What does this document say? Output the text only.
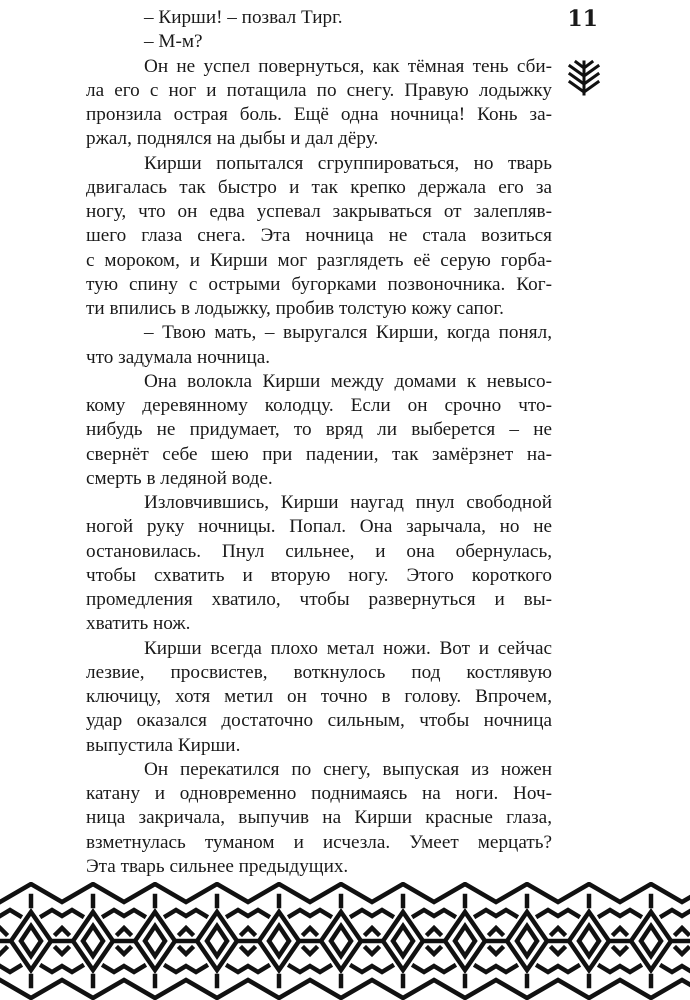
11

– Кирши! – позвал Тирг.

– М-м?

Он не успел повернуться, как тёмная тень сби-
ла его с ног и потащила по снегу. Правую лодыжку
пронзила острая боль. Ещё одна ночница! Конь за-
ржал, поднялся на дыбы и дал дёру.

Кирши попытался сгруппироваться, но тварь
двигалась так быстро и так крепко держала его за
ногу, что он едва успевал закрываться от залепляв-
шего глаза снега. Эта ночница не стала возиться
с мороком, и Кирши мог разглядеть её серую горба-
тую спину с острыми бугорками позвоночника. Ког-
ти впились в лодыжку, пробив толстую кожу сапог.

– Твою мать, – выругался Кирши, когда понял,
что задумала ночница.

Она волокла Кирши между домами к невысо-
кому деревянному колодцу. Если он срочно что-
нибудь не придумает, то вряд ли выберется – не
свернёт себе шею при падении, так замёрзнет на-
смерть в ледяной воде.

Изловчившись, Кирши наугад пнул свободной
ногой руку ночницы. Попал. Она зарычала, но не
остановилась. Пнул сильнее, и она обернулась,
чтобы схватить и вторую ногу. Этого короткого
промедления хватило, чтобы развернуться и вы-
хватить нож.

Кирши всегда плохо метал ножи. Вот и сейчас
лезвие, просвистев, воткнулось под костлявую
ключицу, хотя метил он точно в голову. Впрочем,
удар оказался достаточно сильным, чтобы ночница
выпустила Кирши.

Он перекатился по снегу, выпуская из ножен
катану и одновременно поднимаясь на ноги. Ноч-
ница закричала, выпучив на Кирши красные глаза,
взметнулась туманом и исчезла. Умеет мерцать?
Эта тварь сильнее предыдущих.
